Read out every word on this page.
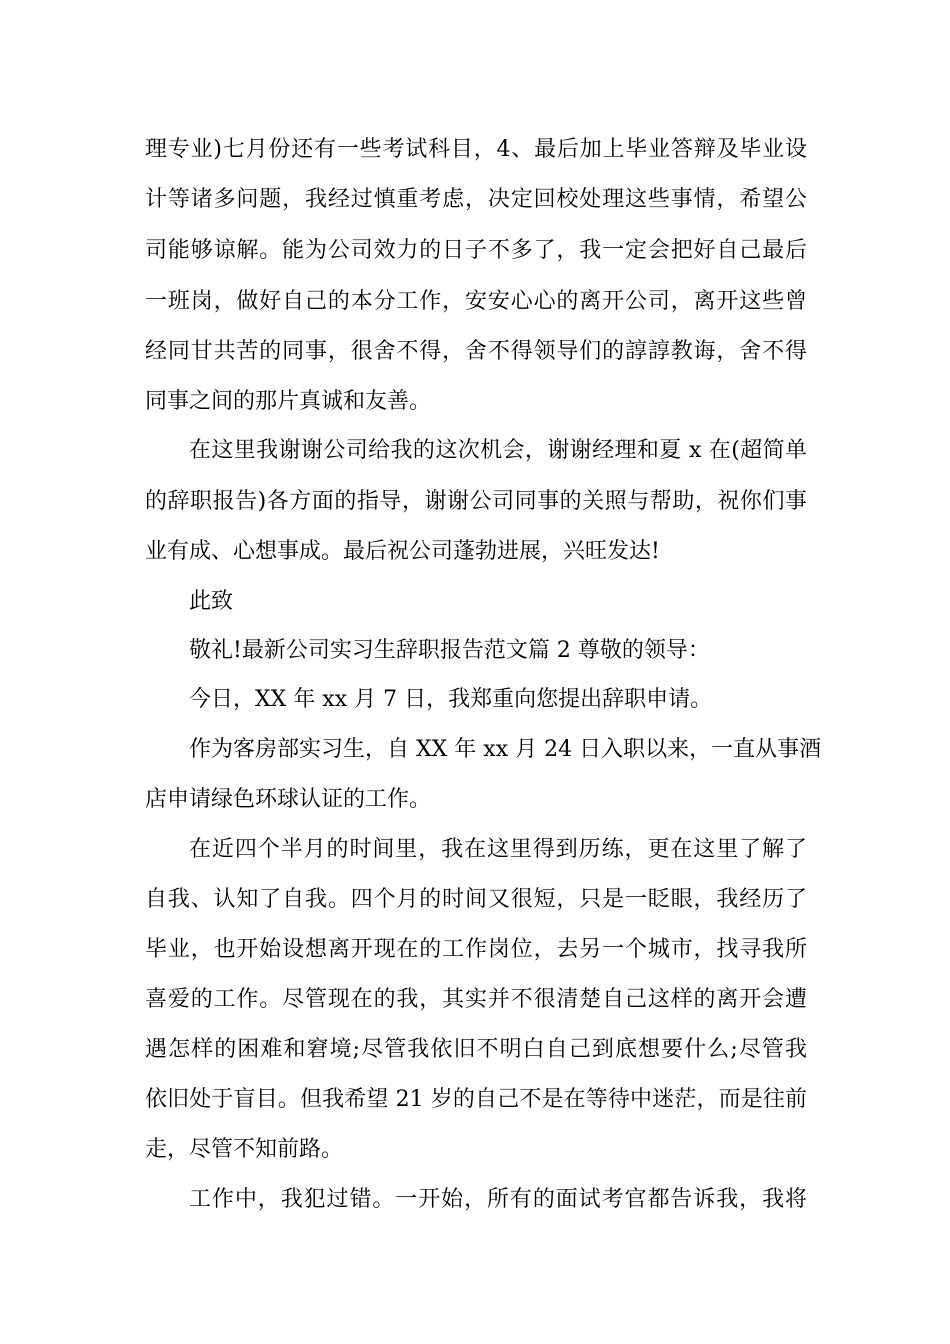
理专业)七月份还有一些考试科目，4、最后加上毕业答辩及毕业设
计等诸多问题，我经过慎重考虑，决定回校处理这些事情，希望公
司能够谅解。能为公司效力的日子不多了，我一定会把好自己最后
一班岗，做好自己的本分工作，安安心心的离开公司，离开这些曾
经同甘共苦的同事，很舍不得，舍不得领导们的諄諄教诲，舍不得
同事之间的那片真诚和友善。
在这里我谢谢公司给我的这次机会，谢谢经理和夏 x 在(超简单
的辞职报告)各方面的指导，谢谢公司同事的关照与帮助，祝你们事
业有成、心想事成。最后祝公司蓬勃进展，兴旺发达!
此致
敬礼!最新公司实习生辞职报告范文篇 2 尊敬的领导：
今日，XX 年 xx 月 7 日，我郑重向您提出辞职申请。
作为客房部实习生，自 XX 年 xx 月 24 日入职以来，一直从事酒
店申请绿色环球认证的工作。
在近四个半月的时间里，我在这里得到历练，更在这里了解了
自我、认知了自我。四个月的时间又很短，只是一眨眼，我经历了
毕业，也开始设想离开现在的工作岗位，去另一个城市，找寻我所
喜爱的工作。尽管现在的我，其实并不很清楚自己这样的离开会遭
遇怎样的困难和窘境;尽管我依旧不明白自己到底想要什么;尽管我
依旧处于盲目。但我希望 21 岁的自己不是在等待中迷茫，而是往前
走，尽管不知前路。
工作中，我犯过错。一开始，所有的面试考官都告诉我，我将
